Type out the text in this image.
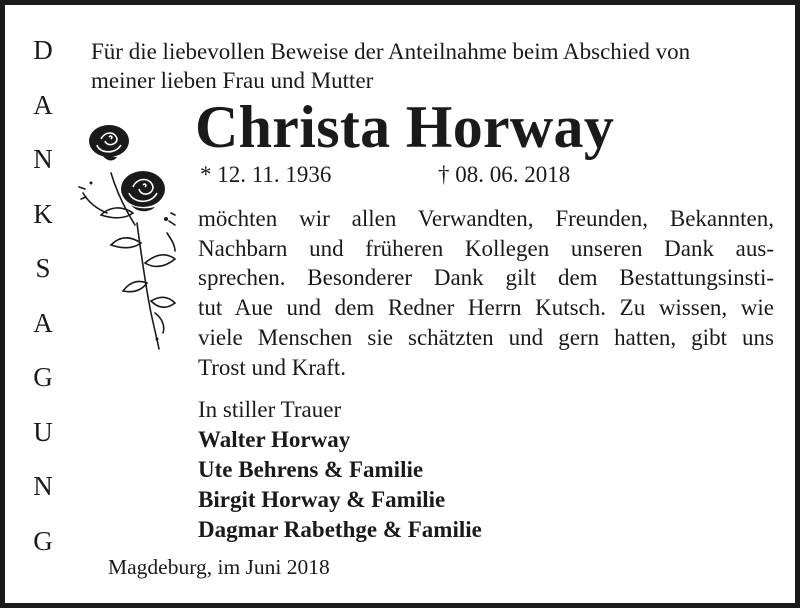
D
A
N
K
S
A
G
U
N
G
Für die liebevollen Beweise der Anteilnahme beim Abschied von
meiner lieben Frau und Mutter
Christa Horway
* 12. 11. 1936	† 08. 06. 2018
möchten wir allen Verwandten, Freunden, Bekannten,
Nachbarn und früheren Kollegen unseren Dank aus-
sprechen. Besonderer Dank gilt dem Bestattungsinsti-
tut Aue und dem Redner Herrn Kutsch. Zu wissen, wie
viele Menschen sie schätzten und gern hatten, gibt uns
Trost und Kraft.
In stiller Trauer
Walter Horway
Ute Behrens & Familie
Birgit Horway & Familie
Dagmar Rabethge & Familie
Magdeburg, im Juni 2018
